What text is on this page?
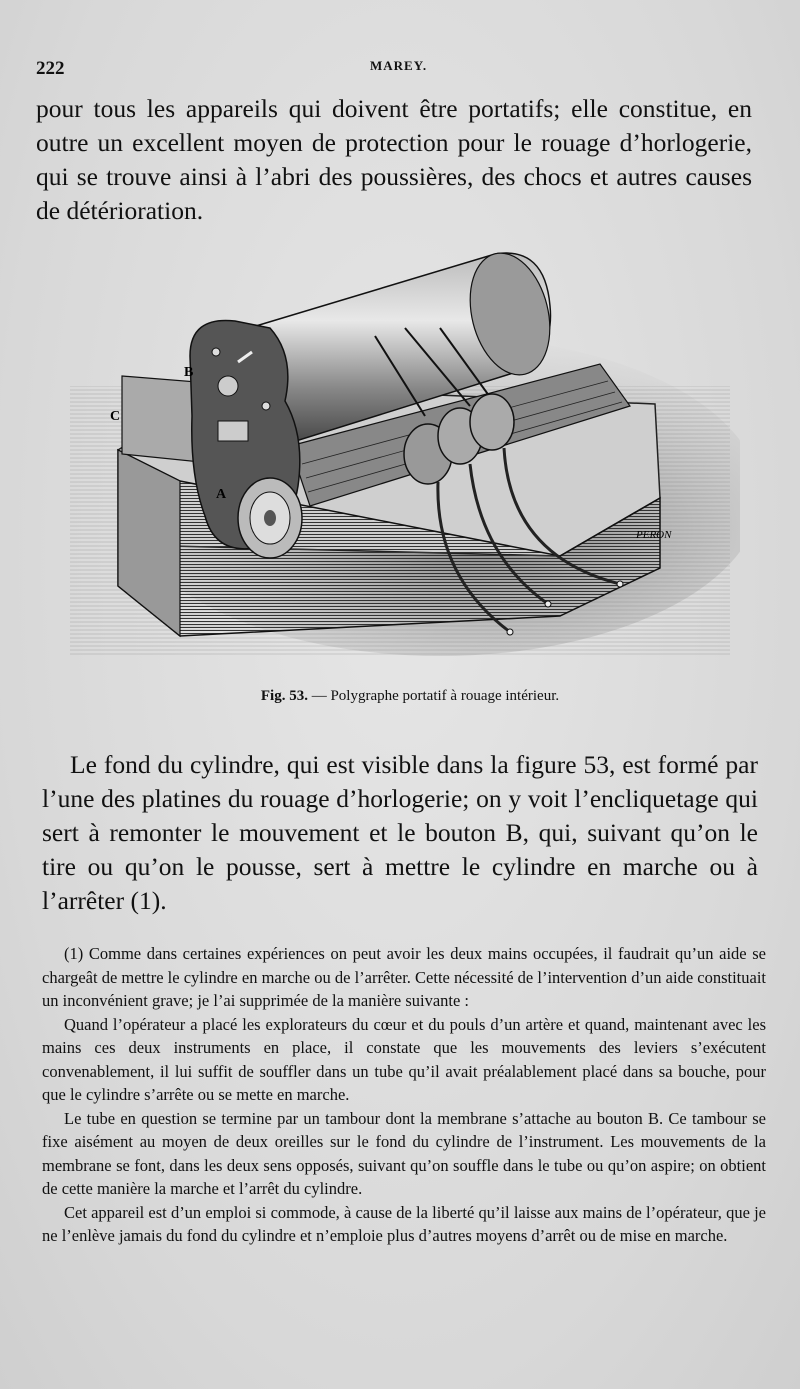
222	MAREY.
pour tous les appareils qui doivent être portatifs; elle constitue, en outre un excellent moyen de protection pour le rouage d’horlogerie, qui se trouve ainsi à l’abri des poussières, des chocs et autres causes de détérioration.
B
C
A
PERON
Fig. 53. — Polygraphe portatif à rouage intérieur.
Le fond du cylindre, qui est visible dans la figure 53, est formé par l’une des platines du rouage d’horlogerie; on y voit l’encliquetage qui sert à remonter le mouvement et le bouton B, qui, suivant qu’on le tire ou qu’on le pousse, sert à mettre le cylindre en marche ou à l’arrêter (1).

(1) Comme dans certaines expériences on peut avoir les deux mains occupées, il faudrait qu’un aide se chargeât de mettre le cylindre en marche ou de l’arrêter. Cette nécessité de l’intervention d’un aide constituait un inconvénient grave; je l’ai supprimée de la manière suivante :

Quand l’opérateur a placé les explorateurs du cœur et du pouls d’un artère et quand, maintenant avec les mains ces deux instruments en place, il constate que les mouvements des leviers s’exécutent convenablement, il lui suffit de souffler dans un tube qu’il avait préalablement placé dans sa bouche, pour que le cylindre s’arrête ou se mette en marche.

Le tube en question se termine par un tambour dont la membrane s’attache au bouton B. Ce tambour se fixe aisément au moyen de deux oreilles sur le fond du cylindre de l’instrument. Les mouvements de la membrane se font, dans les deux sens opposés, suivant qu’on souffle dans le tube ou qu’on aspire; on obtient de cette manière la marche et l’arrêt du cylindre.

Cet appareil est d’un emploi si commode, à cause de la liberté qu’il laisse aux mains de l’opérateur, que je ne l’enlève jamais du fond du cylindre et n’emploie plus d’autres moyens d’arrêt ou de mise en marche.
